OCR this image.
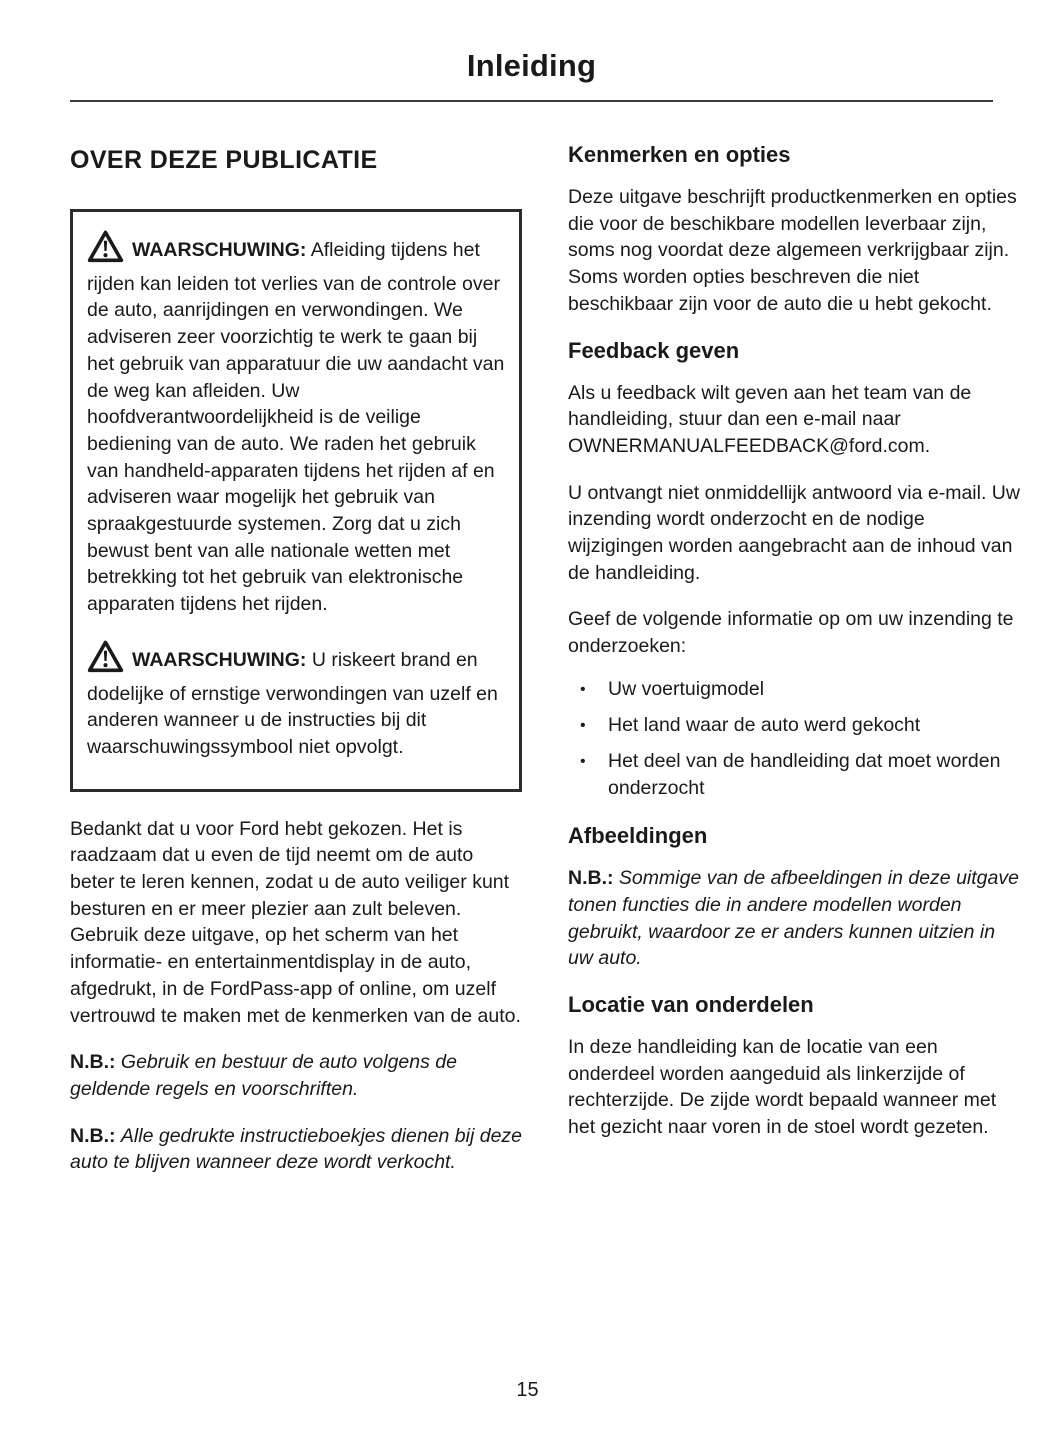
Inleiding
OVER DEZE PUBLICATIE

WAARSCHUWING: Afleiding tijdens het rijden kan leiden tot verlies van de controle over de auto, aanrijdingen en verwondingen. We adviseren zeer voorzichtig te werk te gaan bij het gebruik van apparatuur die uw aandacht van de weg kan afleiden. Uw hoofdverantwoordelijkheid is de veilige bediening van de auto. We raden het gebruik van handheld-apparaten tijdens het rijden af en adviseren waar mogelijk het gebruik van spraakgestuurde systemen. Zorg dat u zich bewust bent van alle nationale wetten met betrekking tot het gebruik van elektronische apparaten tijdens het rijden.

WAARSCHUWING: U riskeert brand en dodelijke of ernstige verwondingen van uzelf en anderen wanneer u de instructies bij dit waarschuwingssymbool niet opvolgt.

Bedankt dat u voor Ford hebt gekozen. Het is raadzaam dat u even de tijd neemt om de auto beter te leren kennen, zodat u de auto veiliger kunt besturen en er meer plezier aan zult beleven. Gebruik deze uitgave, op het scherm van het informatie- en entertainmentdisplay in de auto, afgedrukt, in de FordPass-app of online, om uzelf vertrouwd te maken met de kenmerken van de auto.

N.B.: Gebruik en bestuur de auto volgens de geldende regels en voorschriften.

N.B.: Alle gedrukte instructieboekjes dienen bij deze auto te blijven wanneer deze wordt verkocht.

Kenmerken en opties

Deze uitgave beschrijft productkenmerken en opties die voor de beschikbare modellen leverbaar zijn, soms nog voordat deze algemeen verkrijgbaar zijn. Soms worden opties beschreven die niet beschikbaar zijn voor de auto die u hebt gekocht.

Feedback geven

Als u feedback wilt geven aan het team van de handleiding, stuur dan een e-mail naar OWNERMANUALFEEDBACK@ford.com.

U ontvangt niet onmiddellijk antwoord via e-mail. Uw inzending wordt onderzocht en de nodige wijzigingen worden aangebracht aan de inhoud van de handleiding.

Geef de volgende informatie op om uw inzending te onderzoeken:

•	Uw voertuigmodel
•	Het land waar de auto werd gekocht
•	Het deel van de handleiding dat moet worden onderzocht
Afbeeldingen

N.B.: Sommige van de afbeeldingen in deze uitgave tonen functies die in andere modellen worden gebruikt, waardoor ze er anders kunnen uitzien in uw auto.

Locatie van onderdelen

In deze handleiding kan de locatie van een onderdeel worden aangeduid als linkerzijde of rechterzijde. De zijde wordt bepaald wanneer met het gezicht naar voren in de stoel wordt gezeten.

15
